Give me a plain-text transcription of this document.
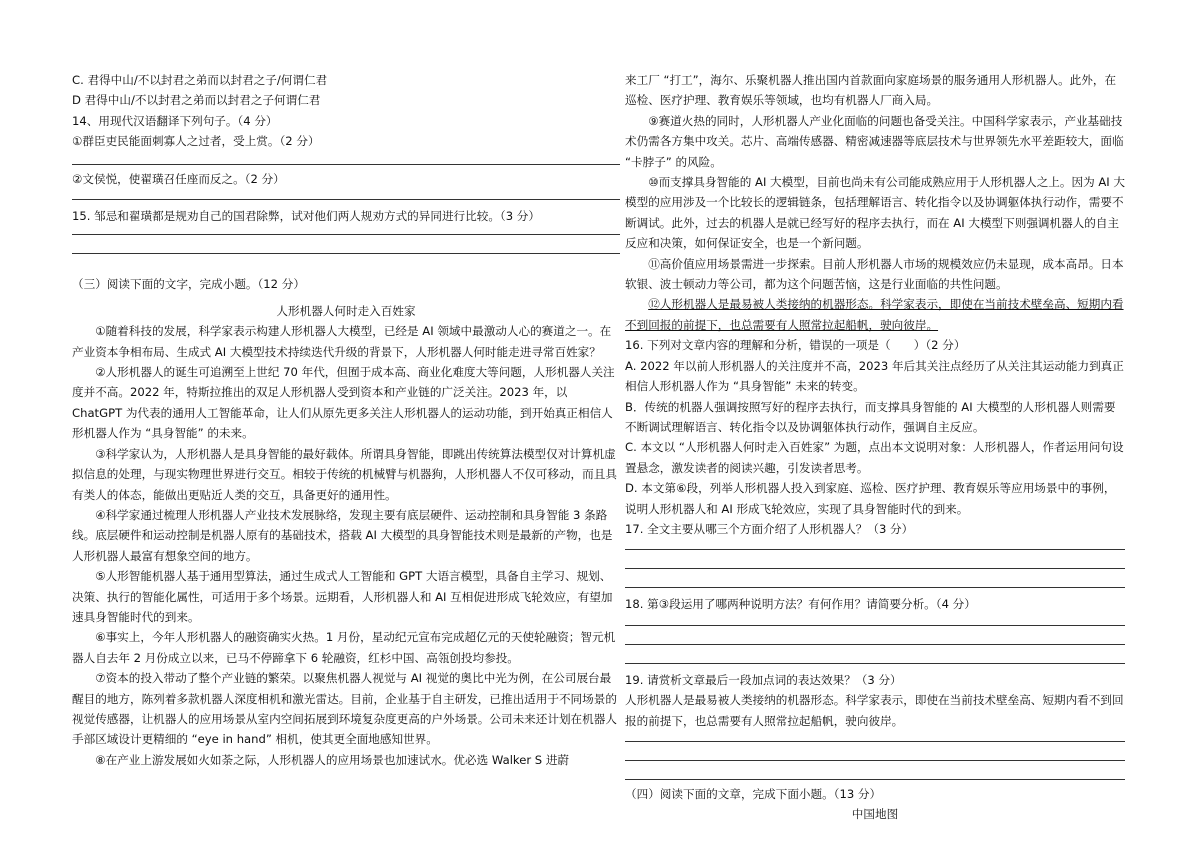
C. 君得中山/不以封君之弟而以封君之子/何谓仁君

D 君得中山/不以封君之弟而以封君之子何谓仁君

14、用现代汉语翻译下列句子。（4 分）

①群臣吏民能面刺寡人之过者，受上赏。（2 分）

②文侯悦，使翟璜召任座而反之。（2 分）

15. 邹忌和翟璜都是规劝自己的国君除弊，试对他们两人规劝方式的异同进行比较。（3 分）

（三）阅读下面的文字，完成小题。（12 分）

人形机器人何时走入百姓家

①随着科技的发展，科学家表示构建人形机器人大模型，已经是 AI 领域中最激动人心的赛道之一。在产业资本争相布局、生成式 AI 大模型技术持续迭代升级的背景下，人形机器人何时能走进寻常百姓家？

②人形机器人的诞生可追溯至上世纪 70 年代，但囿于成本高、商业化难度大等问题，人形机器人关注度并不高。2022 年，特斯拉推出的双足人形机器人受到资本和产业链的广泛关注。2023 年，以 ChatGPT 为代表的通用人工智能革命，让人们从原先更多关注人形机器人的运动功能，到开始真正相信人形机器人作为 “具身智能” 的未来。

③科学家认为，人形机器人是具身智能的最好载体。所谓具身智能，即跳出传统算法模型仅对计算机虚拟信息的处理，与现实物理世界进行交互。相较于传统的机械臂与机器狗，人形机器人不仅可移动，而且具有类人的体态，能做出更贴近人类的交互，具备更好的通用性。

④科学家通过梳理人形机器人产业技术发展脉络，发现主要有底层硬件、运动控制和具身智能 3 条路线。底层硬件和运动控制是机器人原有的基础技术，搭载 AI 大模型的具身智能技术则是最新的产物，也是人形机器人最富有想象空间的地方。

⑤人形智能机器人基于通用型算法，通过生成式人工智能和 GPT 大语言模型，具备自主学习、规划、决策、执行的智能化属性，可适用于多个场景。远期看，人形机器人和 AI 互相促进形成飞轮效应，有望加速具身智能时代的到来。

⑥事实上，今年人形机器人的融资确实火热。1 月份，星动纪元宣布完成超亿元的天使轮融资；智元机器人自去年 2 月份成立以来，已马不停蹄拿下 6 轮融资，红杉中国、高瓴创投均参投。

⑦资本的投入带动了整个产业链的繁荣。以聚焦机器人视觉与 AI 视觉的奥比中光为例，在公司展台最醒目的地方，陈列着多款机器人深度相机和激光雷达。目前，企业基于自主研发，已推出适用于不同场景的视觉传感器，让机器人的应用场景从室内空间拓展到环境复杂度更高的户外场景。公司未来还计划在机器人手部区域设计更精细的 “eye in hand” 相机，使其更全面地感知世界。

⑧在产业上游发展如火如荼之际，人形机器人的应用场景也加速试水。优必选 Walker S 进蔚

来工厂 “打工”，海尔、乐聚机器人推出国内首款面向家庭场景的服务通用人形机器人。此外，在巡检、医疗护理、教育娱乐等领域，也均有机器人厂商入局。

⑨赛道火热的同时，人形机器人产业化面临的问题也备受关注。中国科学家表示，产业基础技术仍需各方集中攻关。芯片、高端传感器、精密减速器等底层技术与世界领先水平差距较大，面临 “卡脖子” 的风险。

⑩而支撑具身智能的 AI 大模型，目前也尚未有公司能成熟应用于人形机器人之上。因为 AI 大模型的应用涉及一个比较长的逻辑链条，包括理解语言、转化指令以及协调躯体执行动作，需要不断调试。此外，过去的机器人是就已经写好的程序去执行，而在 AI 大模型下则强调机器人的自主反应和决策，如何保证安全，也是一个新问题。

⑪高价值应用场景需进一步探索。目前人形机器人市场的规模效应仍未显现，成本高昂。日本软银、波士顿动力等公司，都为这个问题苦恼，这是行业面临的共性问题。

⑫人形机器人是最易被人类接纳的机器形态。科学家表示，即使在当前技术壁垒高、短期内看不到回报的前提下，也总需要有人照常拉起船帆，驶向彼岸。

16. 下列对文章内容的理解和分析，错误的一项是（　　）（2 分）

A. 2022 年以前人形机器人的关注度并不高，2023 年后其关注点经历了从关注其运动能力到真正相信人形机器人作为 “具身智能” 未来的转变。

B．传统的机器人强调按照写好的程序去执行，而支撑具身智能的 AI 大模型的人形机器人则需要不断调试理解语言、转化指令以及协调躯体执行动作，强调自主反应。

C. 本文以 “人形机器人何时走入百姓家” 为题，点出本文说明对象：人形机器人，作者运用问句设置悬念，激发读者的阅读兴趣，引发读者思考。

D. 本文第⑥段，列举人形机器人投入到家庭、巡检、医疗护理、教育娱乐等应用场景中的事例，说明人形机器人和 AI 形成飞轮效应，实现了具身智能时代的到来。

17. 全文主要从哪三个方面介绍了人形机器人？（3 分）

18. 第③段运用了哪两种说明方法？有何作用？请简要分析。（4 分）

19. 请赏析文章最后一段加点词的表达效果？（3 分）

人形机器人是最易被人类接纳的机器形态。科学家表示，即使在当前技术壁垒高、短期内看不到回报的前提下，也总需要有人照常拉起船帆，驶向彼岸。

（四）阅读下面的文章，完成下面小题。（13 分）

中国地图
